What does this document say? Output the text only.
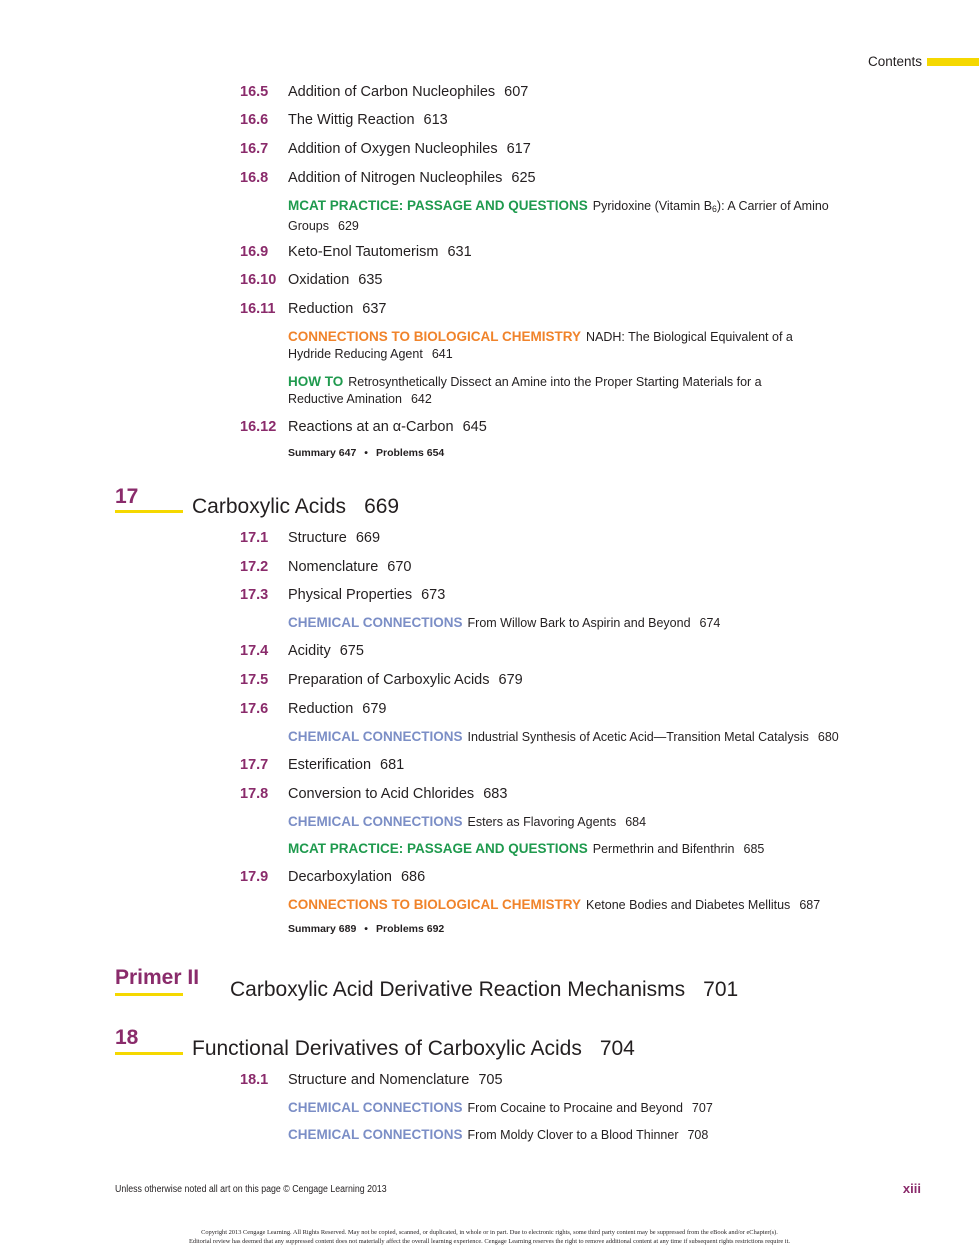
Contents
16.5 Addition of Carbon Nucleophiles 607
16.6 The Wittig Reaction 613
16.7 Addition of Oxygen Nucleophiles 617
16.8 Addition of Nitrogen Nucleophiles 625
MCAT PRACTICE: PASSAGE AND QUESTIONS Pyridoxine (Vitamin $B_6$): A Carrier of Amino Groups 629
16.9 Keto-Enol Tautomerism 631
16.10 Oxidation 635
16.11 Reduction 637
CONNECTIONS TO BIOLOGICAL CHEMISTRY NADH: The Biological Equivalent of a Hydride Reducing Agent 641
HOW TO Retrosynthetically Dissect an Amine into the Proper Starting Materials for a Reductive Amination 642
16.12 Reactions at an α-Carbon 645
Summary 647 • Problems 654
17	Carboxylic Acids 669
17.1 Structure 669
17.2 Nomenclature 670
17.3 Physical Properties 673
CHEMICAL CONNECTIONS From Willow Bark to Aspirin and Beyond 674
17.4 Acidity 675
17.5 Preparation of Carboxylic Acids 679
17.6 Reduction 679
CHEMICAL CONNECTIONS Industrial Synthesis of Acetic Acid—Transition Metal Catalysis 680
17.7 Esterification 681
17.8 Conversion to Acid Chlorides 683
CHEMICAL CONNECTIONS Esters as Flavoring Agents 684
MCAT PRACTICE: PASSAGE AND QUESTIONS Permethrin and Bifenthrin 685
17.9 Decarboxylation 686
CONNECTIONS TO BIOLOGICAL CHEMISTRY Ketone Bodies and Diabetes Mellitus 687
Summary 689 • Problems 692
Primer II
Carboxylic Acid Derivative Reaction Mechanisms 701
18	Functional Derivatives of Carboxylic Acids 704
18.1 Structure and Nomenclature 705
CHEMICAL CONNECTIONS From Cocaine to Procaine and Beyond 707
CHEMICAL CONNECTIONS From Moldy Clover to a Blood Thinner 708
Unless otherwise noted all art on this page © Cengage Learning 2013	xiii
Copyright 2013 Cengage Learning. All Rights Reserved. May not be copied, scanned, or duplicated, in whole or in part. Due to electronic rights, some third party content may be suppressed from the eBook and/or eChapter(s).
Editorial review has deemed that any suppressed content does not materially affect the overall learning experience. Cengage Learning reserves the right to remove additional content at any time if subsequent rights restrictions require it.
